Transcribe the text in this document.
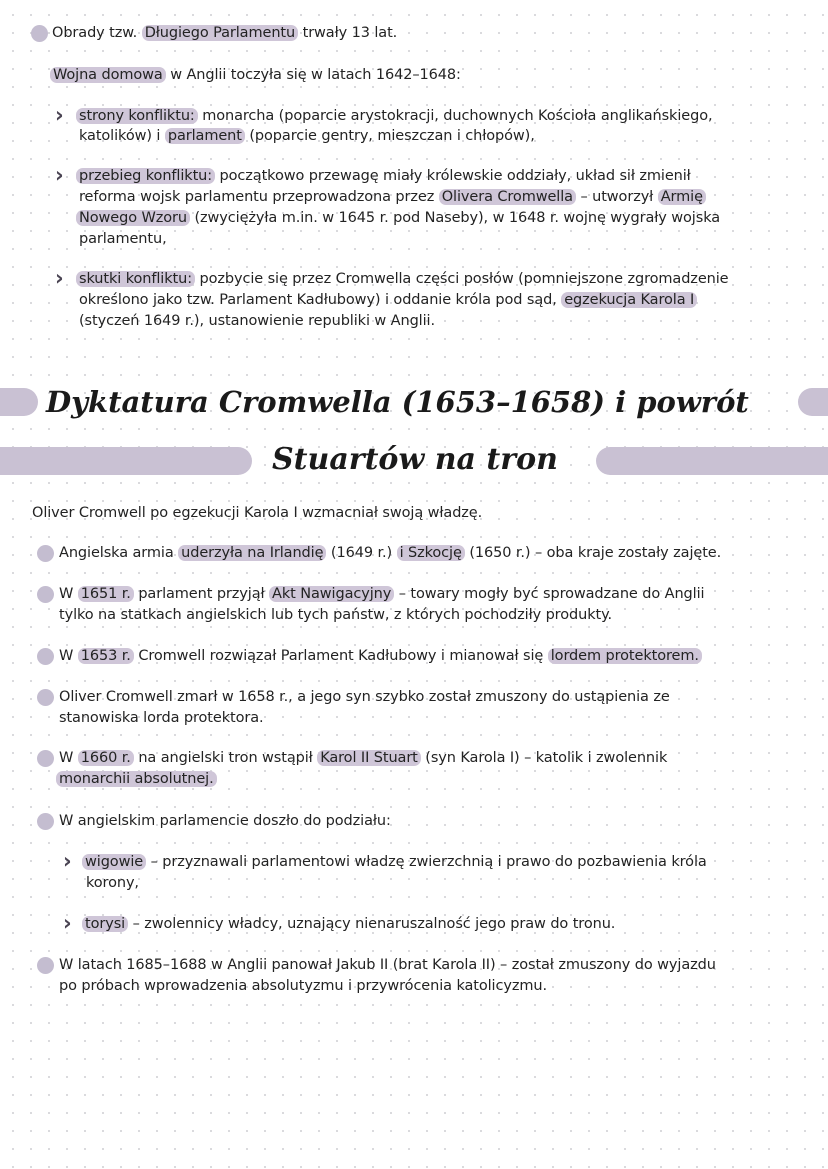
Obrady tzw. Długiego Parlamentu trwały 13 lat.
Wojna domowa w Anglii toczyła się w latach 1642–1648:
› strony konfliktu: monarcha (poparcie arystokracji, duchownych Kościoła anglikańskiego,
katolików) i parlament (poparcie gentry, mieszczan i chłopów),
› przebieg konfliktu: początkowo przewagę miały królewskie oddziały, układ sił zmienił
reforma wojsk parlamentu przeprowadzona przez Olivera Cromwella – utworzył Armię
Nowego Wzoru (zwyciężyła m.in. w 1645 r. pod Naseby), w 1648 r. wojnę wygrały wojska
parlamentu,
› skutki konfliktu: pozbycie się przez Cromwella części posłów (pomniejszone zgromadzenie
określono jako tzw. Parlament Kadłubowy) i oddanie króla pod sąd, egzekucja Karola I
(styczeń 1649 r.), ustanowienie republiki w Anglii.
Dyktatura Cromwella (1653–1658) i powrót
Stuartów na tron
Oliver Cromwell po egzekucji Karola I wzmacniał swoją władzę.
Angielska armia uderzyła na Irlandię (1649 r.) i Szkocję (1650 r.) – oba kraje zostały zajęte.
W 1651 r. parlament przyjął Akt Nawigacyjny – towary mogły być sprowadzane do Anglii
tylko na statkach angielskich lub tych państw, z których pochodziły produkty.
W 1653 r. Cromwell rozwiązał Parlament Kadłubowy i mianował się lordem protektorem.
Oliver Cromwell zmarł w 1658 r., a jego syn szybko został zmuszony do ustąpienia ze
stanowiska lorda protektora.
W 1660 r. na angielski tron wstąpił Karol II Stuart (syn Karola I) – katolik i zwolennik
monarchii absolutnej.
W angielskim parlamencie doszło do podziału:
› wigowie – przyznawali parlamentowi władzę zwierzchnią i prawo do pozbawienia króla
korony,
› torysi – zwolennicy władcy, uznający nienaruszalność jego praw do tronu.
W latach 1685–1688 w Anglii panował Jakub II (brat Karola II) – został zmuszony do wyjazdu
po próbach wprowadzenia absolutyzmu i przywrócenia katolicyzmu.
